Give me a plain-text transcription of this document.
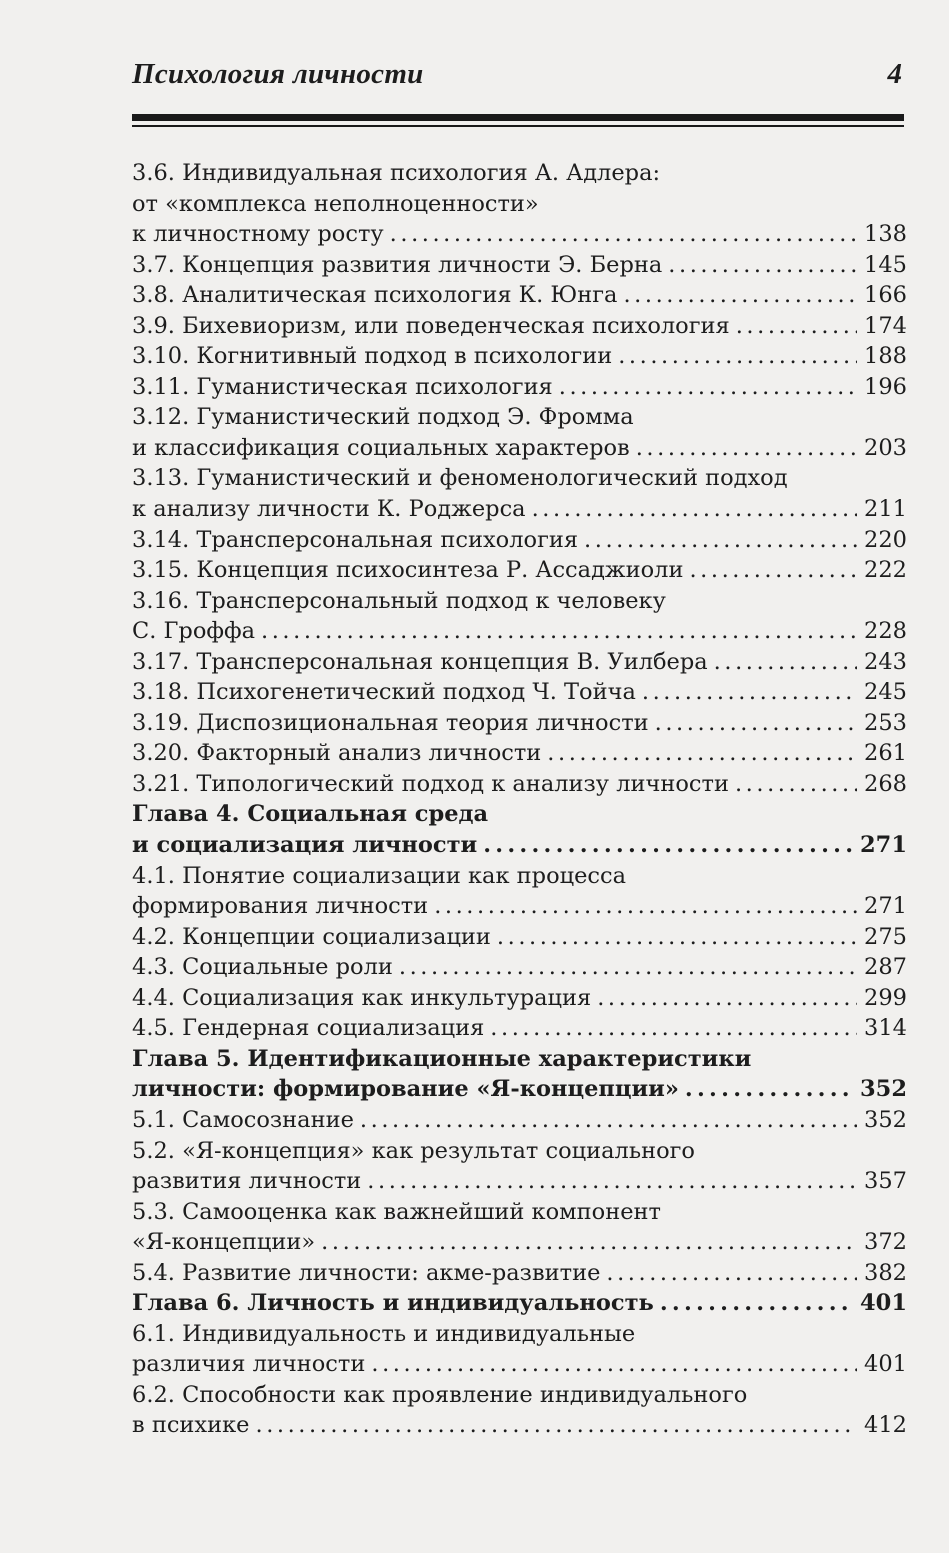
Психология личности	4
3.6. Индивидуальная психология А. Адлера:
от «комплекса неполноценности»
к личностному росту . . .	138
3.7. Концепция развития личности Э. Берна . . .	145
3.8. Аналитическая психология К. Юнга . . .	166
3.9. Бихевиоризм, или поведенческая психология . . .	174
3.10. Когнитивный подход в психологии . . .	188
3.11. Гуманистическая психология . . .	196
3.12. Гуманистический подход Э. Фромма
и классификация социальных характеров . . .	203
3.13. Гуманистический и феноменологический подход
к анализу личности К. Роджерса . . .	211
3.14. Трансперсональная психология . . .	220
3.15. Концепция психосинтеза Р. Ассаджиоли . . .	222
3.16. Трансперсональный подход к человеку
С. Гроффа . . .	228
3.17. Трансперсональная концепция В. Уилбера . . .	243
3.18. Психогенетический подход Ч. Тойча . . .	245
3.19. Диспозициональная теория личности . . .	253
3.20. Факторный анализ личности . . .	261
3.21. Типологический подход к анализу личности . . .	268
Глава 4. Социальная среда
и социализация личности . . .	271
4.1. Понятие социализации как процесса
формирования личности . . .	271
4.2. Концепции социализации . . .	275
4.3. Социальные роли . . .	287
4.4. Социализация как инкультурация . . .	299
4.5. Гендерная социализация . . .	314
Глава 5. Идентификационные характеристики
личности: формирование «Я-концепции» . . .	352
5.1. Самосознание . . .	352
5.2. «Я-концепция» как результат социального
развития личности . . .	357
5.3. Самооценка как важнейший компонент
«Я-концепции» . . .	372
5.4. Развитие личности: акме-развитие . . .	382
Глава 6. Личность и индивидуальность . . .	401
6.1. Индивидуальность и индивидуальные
различия личности . . .	401
6.2. Способности как проявление индивидуального
в психике . . .	412
